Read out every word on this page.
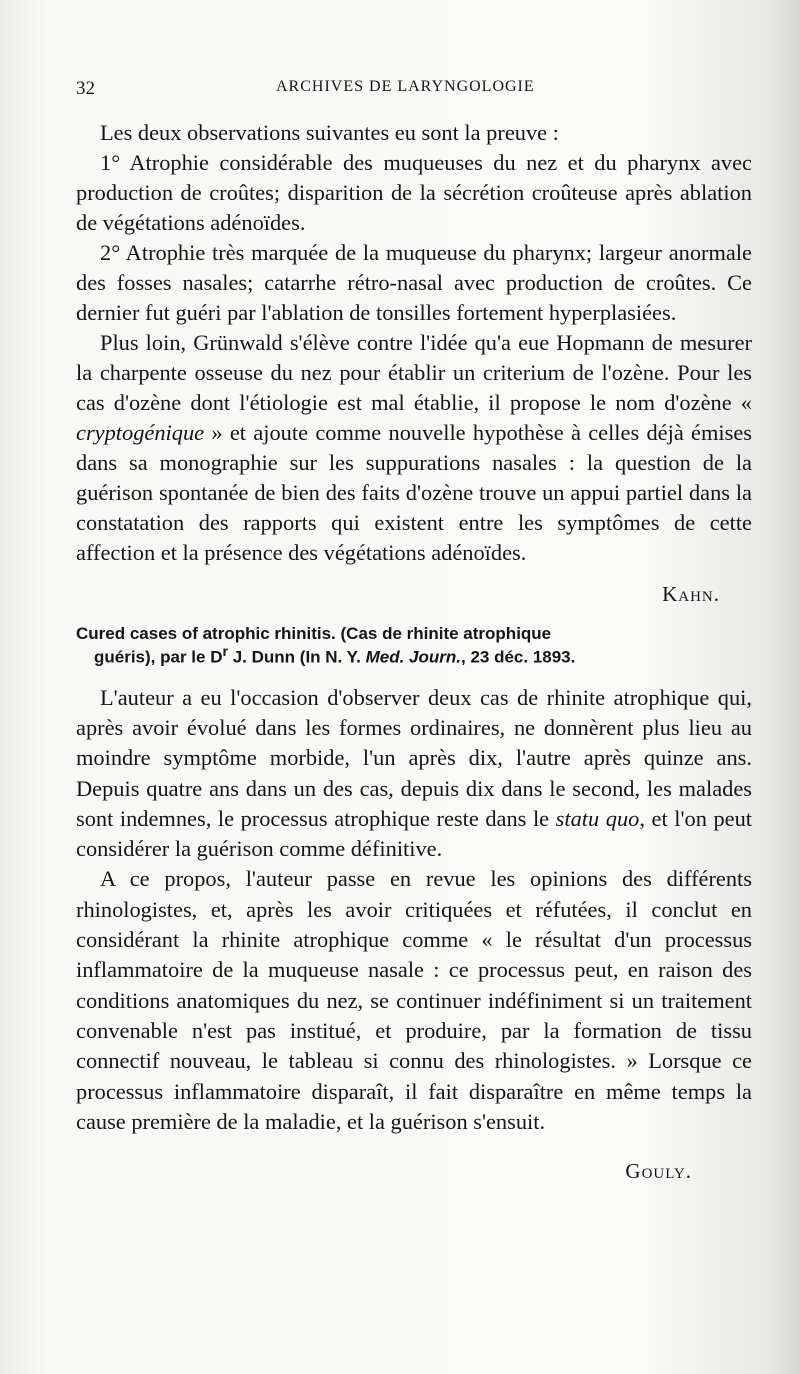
32	ARCHIVES DE LARYNGOLOGIE

Les deux observations suivantes eu sont la preuve :

1° Atrophie considérable des muqueuses du nez et du pharynx avec production de croûtes; disparition de la sécrétion croûteuse après ablation de végétations adénoïdes.

2° Atrophie très marquée de la muqueuse du pharynx; largeur anormale des fosses nasales; catarrhe rétro-nasal avec production de croûtes. Ce dernier fut guéri par l'ablation de tonsilles fortement hyperplasiées.

Plus loin, Grünwald s'élève contre l'idée qu'a eue Hopmann de mesurer la charpente osseuse du nez pour établir un criterium de l'ozène. Pour les cas d'ozène dont l'étiologie est mal établie, il propose le nom d'ozène « cryptogénique » et ajoute comme nouvelle hypothèse à celles déjà émises dans sa monographie sur les suppurations nasales : la question de la guérison spontanée de bien des faits d'ozène trouve un appui partiel dans la constatation des rapports qui existent entre les symptômes de cette affection et la présence des végétations adénoïdes.

Kahn.
Cured cases of atrophic rhinitis. (Cas de rhinite atrophique
guéris), par le $D^r$ J. Dunn (In N. Y. Med. Journ., 23 déc. 1893.

L'auteur a eu l'occasion d'observer deux cas de rhinite atrophique qui, après avoir évolué dans les formes ordinaires, ne donnèrent plus lieu au moindre symptôme morbide, l'un après dix, l'autre après quinze ans. Depuis quatre ans dans un des cas, depuis dix dans le second, les malades sont indemnes, le processus atrophique reste dans le statu quo, et l'on peut considérer la guérison comme définitive.

A ce propos, l'auteur passe en revue les opinions des différents rhinologistes, et, après les avoir critiquées et réfutées, il conclut en considérant la rhinite atrophique comme « le résultat d'un processus inflammatoire de la muqueuse nasale : ce processus peut, en raison des conditions anatomiques du nez, se continuer indéfiniment si un traitement convenable n'est pas institué, et produire, par la formation de tissu connectif nouveau, le tableau si connu des rhinologistes. » Lorsque ce processus inflammatoire disparaît, il fait disparaître en même temps la cause première de la maladie, et la guérison s'ensuit.

Gouly.
